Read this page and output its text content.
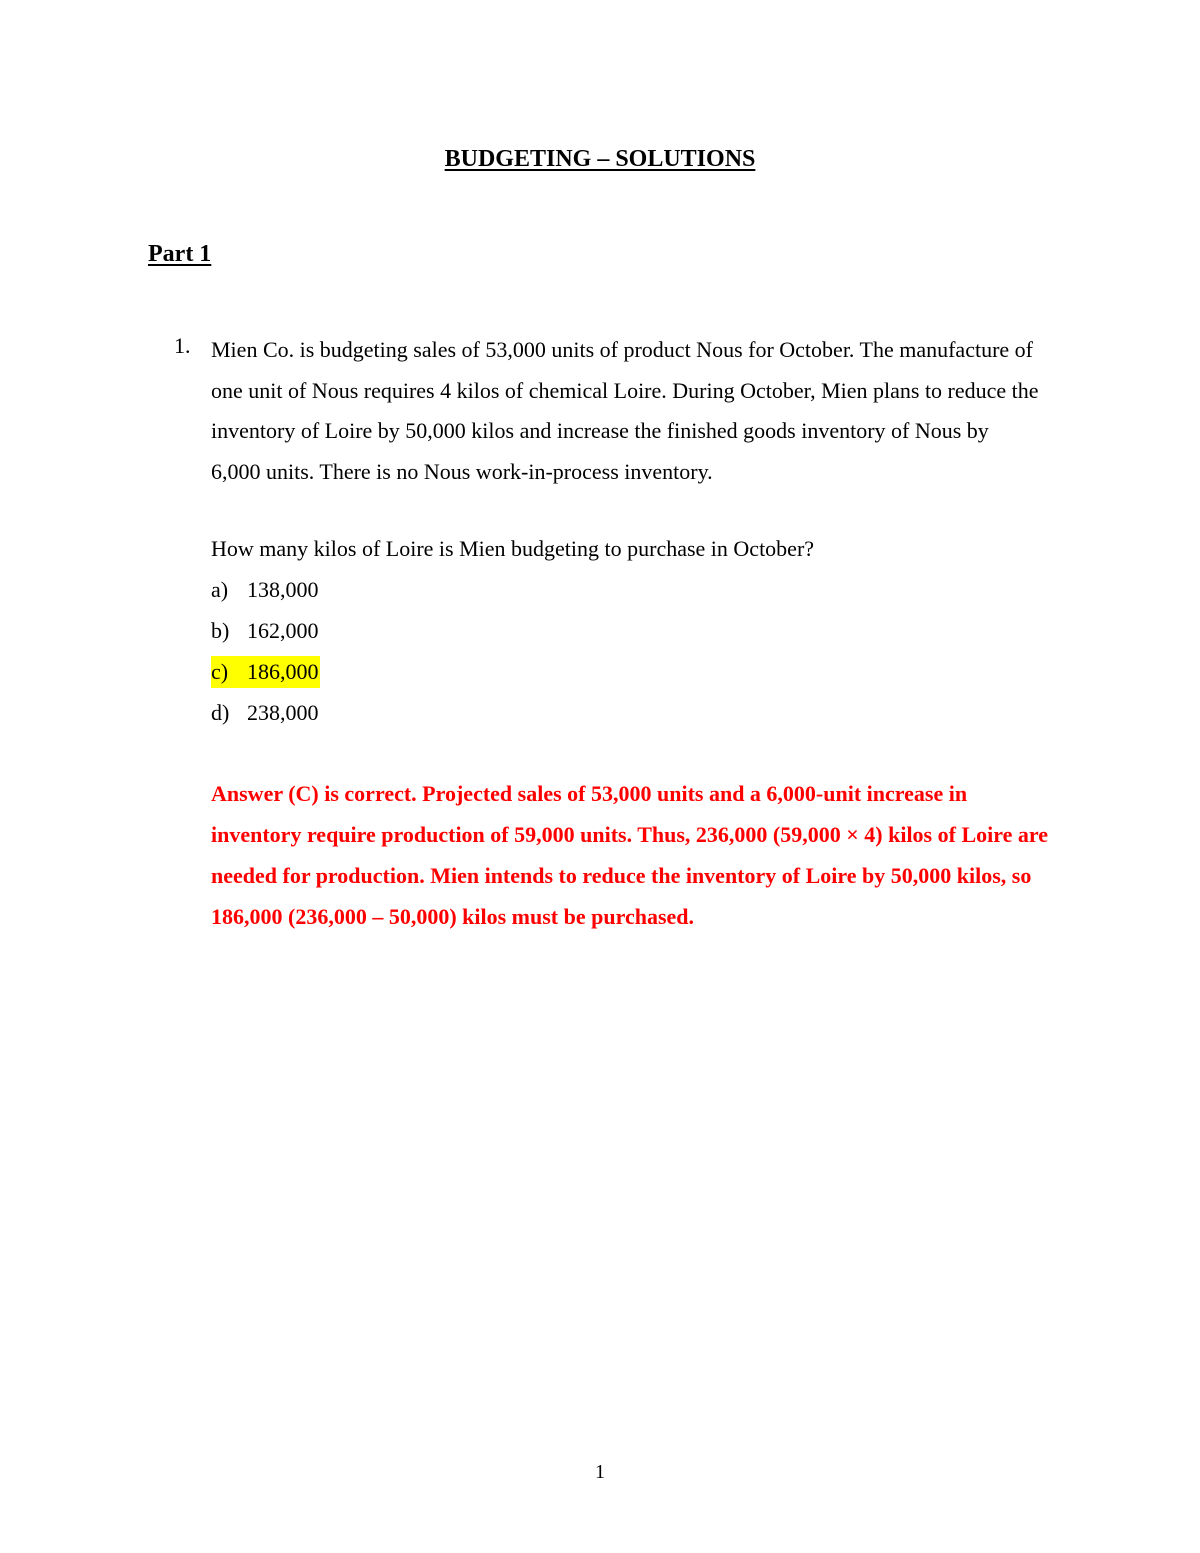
BUDGETING – SOLUTIONS
Part 1
1. Mien Co. is budgeting sales of 53,000 units of product Nous for October. The manufacture of one unit of Nous requires 4 kilos of chemical Loire. During October, Mien plans to reduce the inventory of Loire by 50,000 kilos and increase the finished goods inventory of Nous by 6,000 units. There is no Nous work-in-process inventory.

How many kilos of Loire is Mien budgeting to purchase in October?

a) 138,000
b) 162,000
c) 186,000
d) 238,000

Answer (C) is correct. Projected sales of 53,000 units and a 6,000-unit increase in inventory require production of 59,000 units. Thus, 236,000 (59,000 × 4) kilos of Loire are needed for production. Mien intends to reduce the inventory of Loire by 50,000 kilos, so 186,000 (236,000 – 50,000) kilos must be purchased.

1
